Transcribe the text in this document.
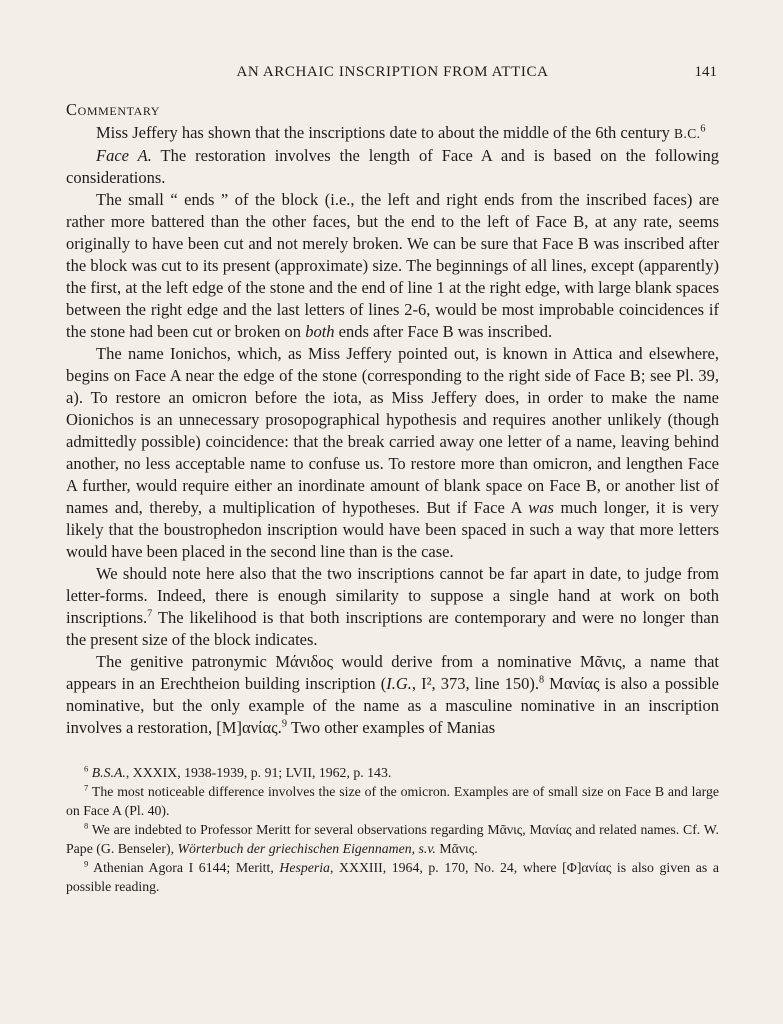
AN ARCHAIC INSCRIPTION FROM ATTICA	141
Commentary

Miss Jeffery has shown that the inscriptions date to about the middle of the 6th century B.C.$^6$

Face A. The restoration involves the length of Face A and is based on the following considerations.

The small “ ends ” of the block (i.e., the left and right ends from the inscribed faces) are rather more battered than the other faces, but the end to the left of Face B, at any rate, seems originally to have been cut and not merely broken. We can be sure that Face B was inscribed after the block was cut to its present (approximate) size. The beginnings of all lines, except (apparently) the first, at the left edge of the stone and the end of line 1 at the right edge, with large blank spaces between the right edge and the last letters of lines 2-6, would be most improbable coincidences if the stone had been cut or broken on both ends after Face B was inscribed.

The name Ionichos, which, as Miss Jeffery pointed out, is known in Attica and elsewhere, begins on Face A near the edge of the stone (corresponding to the right side of Face B; see Pl. 39, a). To restore an omicron before the iota, as Miss Jeffery does, in order to make the name Oionichos is an unnecessary prosopographical hypothesis and requires another unlikely (though admittedly possible) coincidence: that the break carried away one letter of a name, leaving behind another, no less acceptable name to confuse us. To restore more than omicron, and lengthen Face A further, would require either an inordinate amount of blank space on Face B, or another list of names and, thereby, a multiplication of hypotheses. But if Face A was much longer, it is very likely that the boustrophedon inscription would have been spaced in such a way that more letters would have been placed in the second line than is the case.

We should note here also that the two inscriptions cannot be far apart in date, to judge from letter-forms. Indeed, there is enough similarity to suppose a single hand at work on both inscriptions.$^7$ The likelihood is that both inscriptions are contemporary and were no longer than the present size of the block indicates.

The genitive patronymic Μάνιδος would derive from a nominative Μᾶνις, a name that appears in an Erechtheion building inscription (I.G., I², 373, line 150).$^8$ Μανίας is also a possible nominative, but the only example of the name as a masculine nominative in an inscription involves a restoration, [Μ]ανίας.$^9$ Two other examples of Manias

$^6$ B.S.A., XXXIX, 1938-1939, p. 91; LVII, 1962, p. 143.

$^7$ The most noticeable difference involves the size of the omicron. Examples are of small size on Face B and large on Face A (Pl. 40).

$^8$ We are indebted to Professor Meritt for several observations regarding Μᾶνις, Μανίας and related names. Cf. W. Pape (G. Benseler), Wörterbuch der griechischen Eigennamen, s.v. Μᾶνις.

$^9$ Athenian Agora I 6144; Meritt, Hesperia, XXXIII, 1964, p. 170, No. 24, where [Φ]ανίας is also given as a possible reading.
